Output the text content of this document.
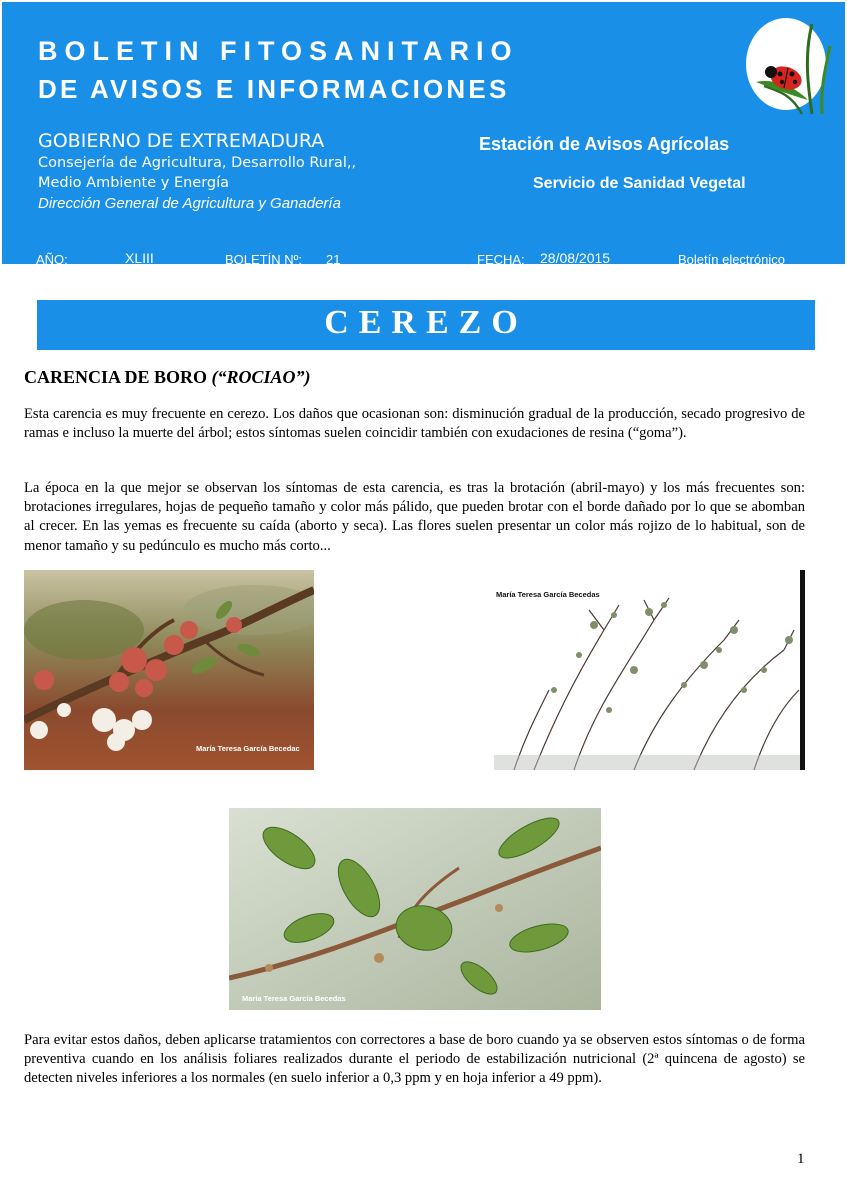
BOLETIN FITOSANITARIO
DE AVISOS E INFORMACIONES
GOBIERNO DE EXTREMADURA
Consejería de Agricultura, Desarrollo Rural,,
Medio Ambiente y Energía
Dirección General de Agricultura y Ganadería
Estación de Avisos Agrícolas
Servicio de Sanidad Vegetal
AÑO:	XLIII	BOLETÍN Nº: 21	FECHA: 28/08/2015	Boletín electrónico
CEREZO
CARENCIA DE BORO (“ROCIAO”)

Esta carencia es muy frecuente en cerezo. Los daños que ocasionan son: disminución gradual de la producción, secado progresivo de ramas e incluso la muerte del árbol; estos síntomas suelen coincidir también con exudaciones de resina (“goma”).

La época en la que mejor se observan los síntomas de esta carencia, es tras la brotación (abril-mayo) y los más frecuentes son: brotaciones irregulares, hojas de pequeño tamaño y color más pálido, que pueden brotar con el borde dañado por lo que se abomban al crecer. En las yemas es frecuente su caída (aborto y seca). Las flores suelen presentar un color más rojizo de lo habitual, son de menor tamaño y su pedúnculo es mucho más corto...

María Teresa García Becedac
María Teresa García Becedas
María Teresa García Becedas

Para evitar estos daños, deben aplicarse tratamientos con correctores a base de boro cuando ya se observen estos síntomas o de forma preventiva cuando en los análisis foliares realizados durante el periodo de estabilización nutricional (2ª quincena de agosto) se detecten niveles inferiores a los normales (en suelo inferior a 0,3 ppm y en hoja inferior a 49 ppm).

1
